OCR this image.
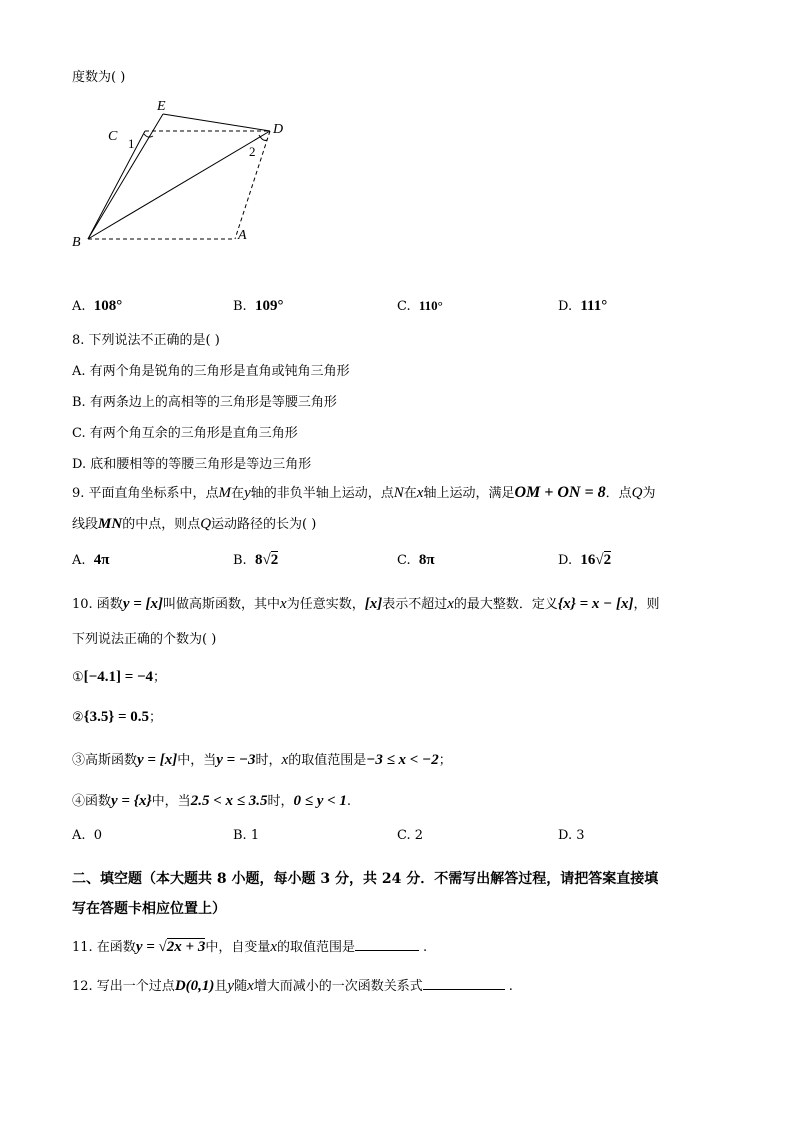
度数为( )
E
C	D
B	A
1
2
A. 108°	B. 109°	C. 110°	D. 111°
8. 下列说法不正确的是( )
A. 有两个角是锐角的三角形是直角或钝角三角形
B. 有两条边上的高相等的三角形是等腰三角形
C. 有两个角互余的三角形是直角三角形
D. 底和腰相等的等腰三角形是等边三角形
9. 平面直角坐标系中，点M在y轴的非负半轴上运动，点N在x轴上运动，满足OM + ON = 8．点Q为
线段MN的中点，则点Q运动路径的长为( )
A. 4π	B. 8√2	C. 8π	D. 16√2
10. 函数y = [x]叫做高斯函数，其中x为任意实数，[x]表示不超过x的最大整数．定义{x} = x − [x]，则
下列说法正确的个数为( )
①[−4.1] = −4；
②{3.5} = 0.5；
③高斯函数y = [x]中，当y = −3时，x的取值范围是−3 ≤ x < −2；
④函数y = {x}中，当2.5 < x ≤ 3.5时，0 ≤ y < 1.
A. 0	B. 1	C. 2	D. 3
二、填空题（本大题共 8 小题，每小题 3 分，共 24 分．不需写出解答过程，请把答案直接填
写在答题卡相应位置上）
11. 在函数y = √2x + 3中，自变量x的取值范围是	.
12. 写出一个过点D(0,1)且y随x增大而减小的一次函数关系式	.
